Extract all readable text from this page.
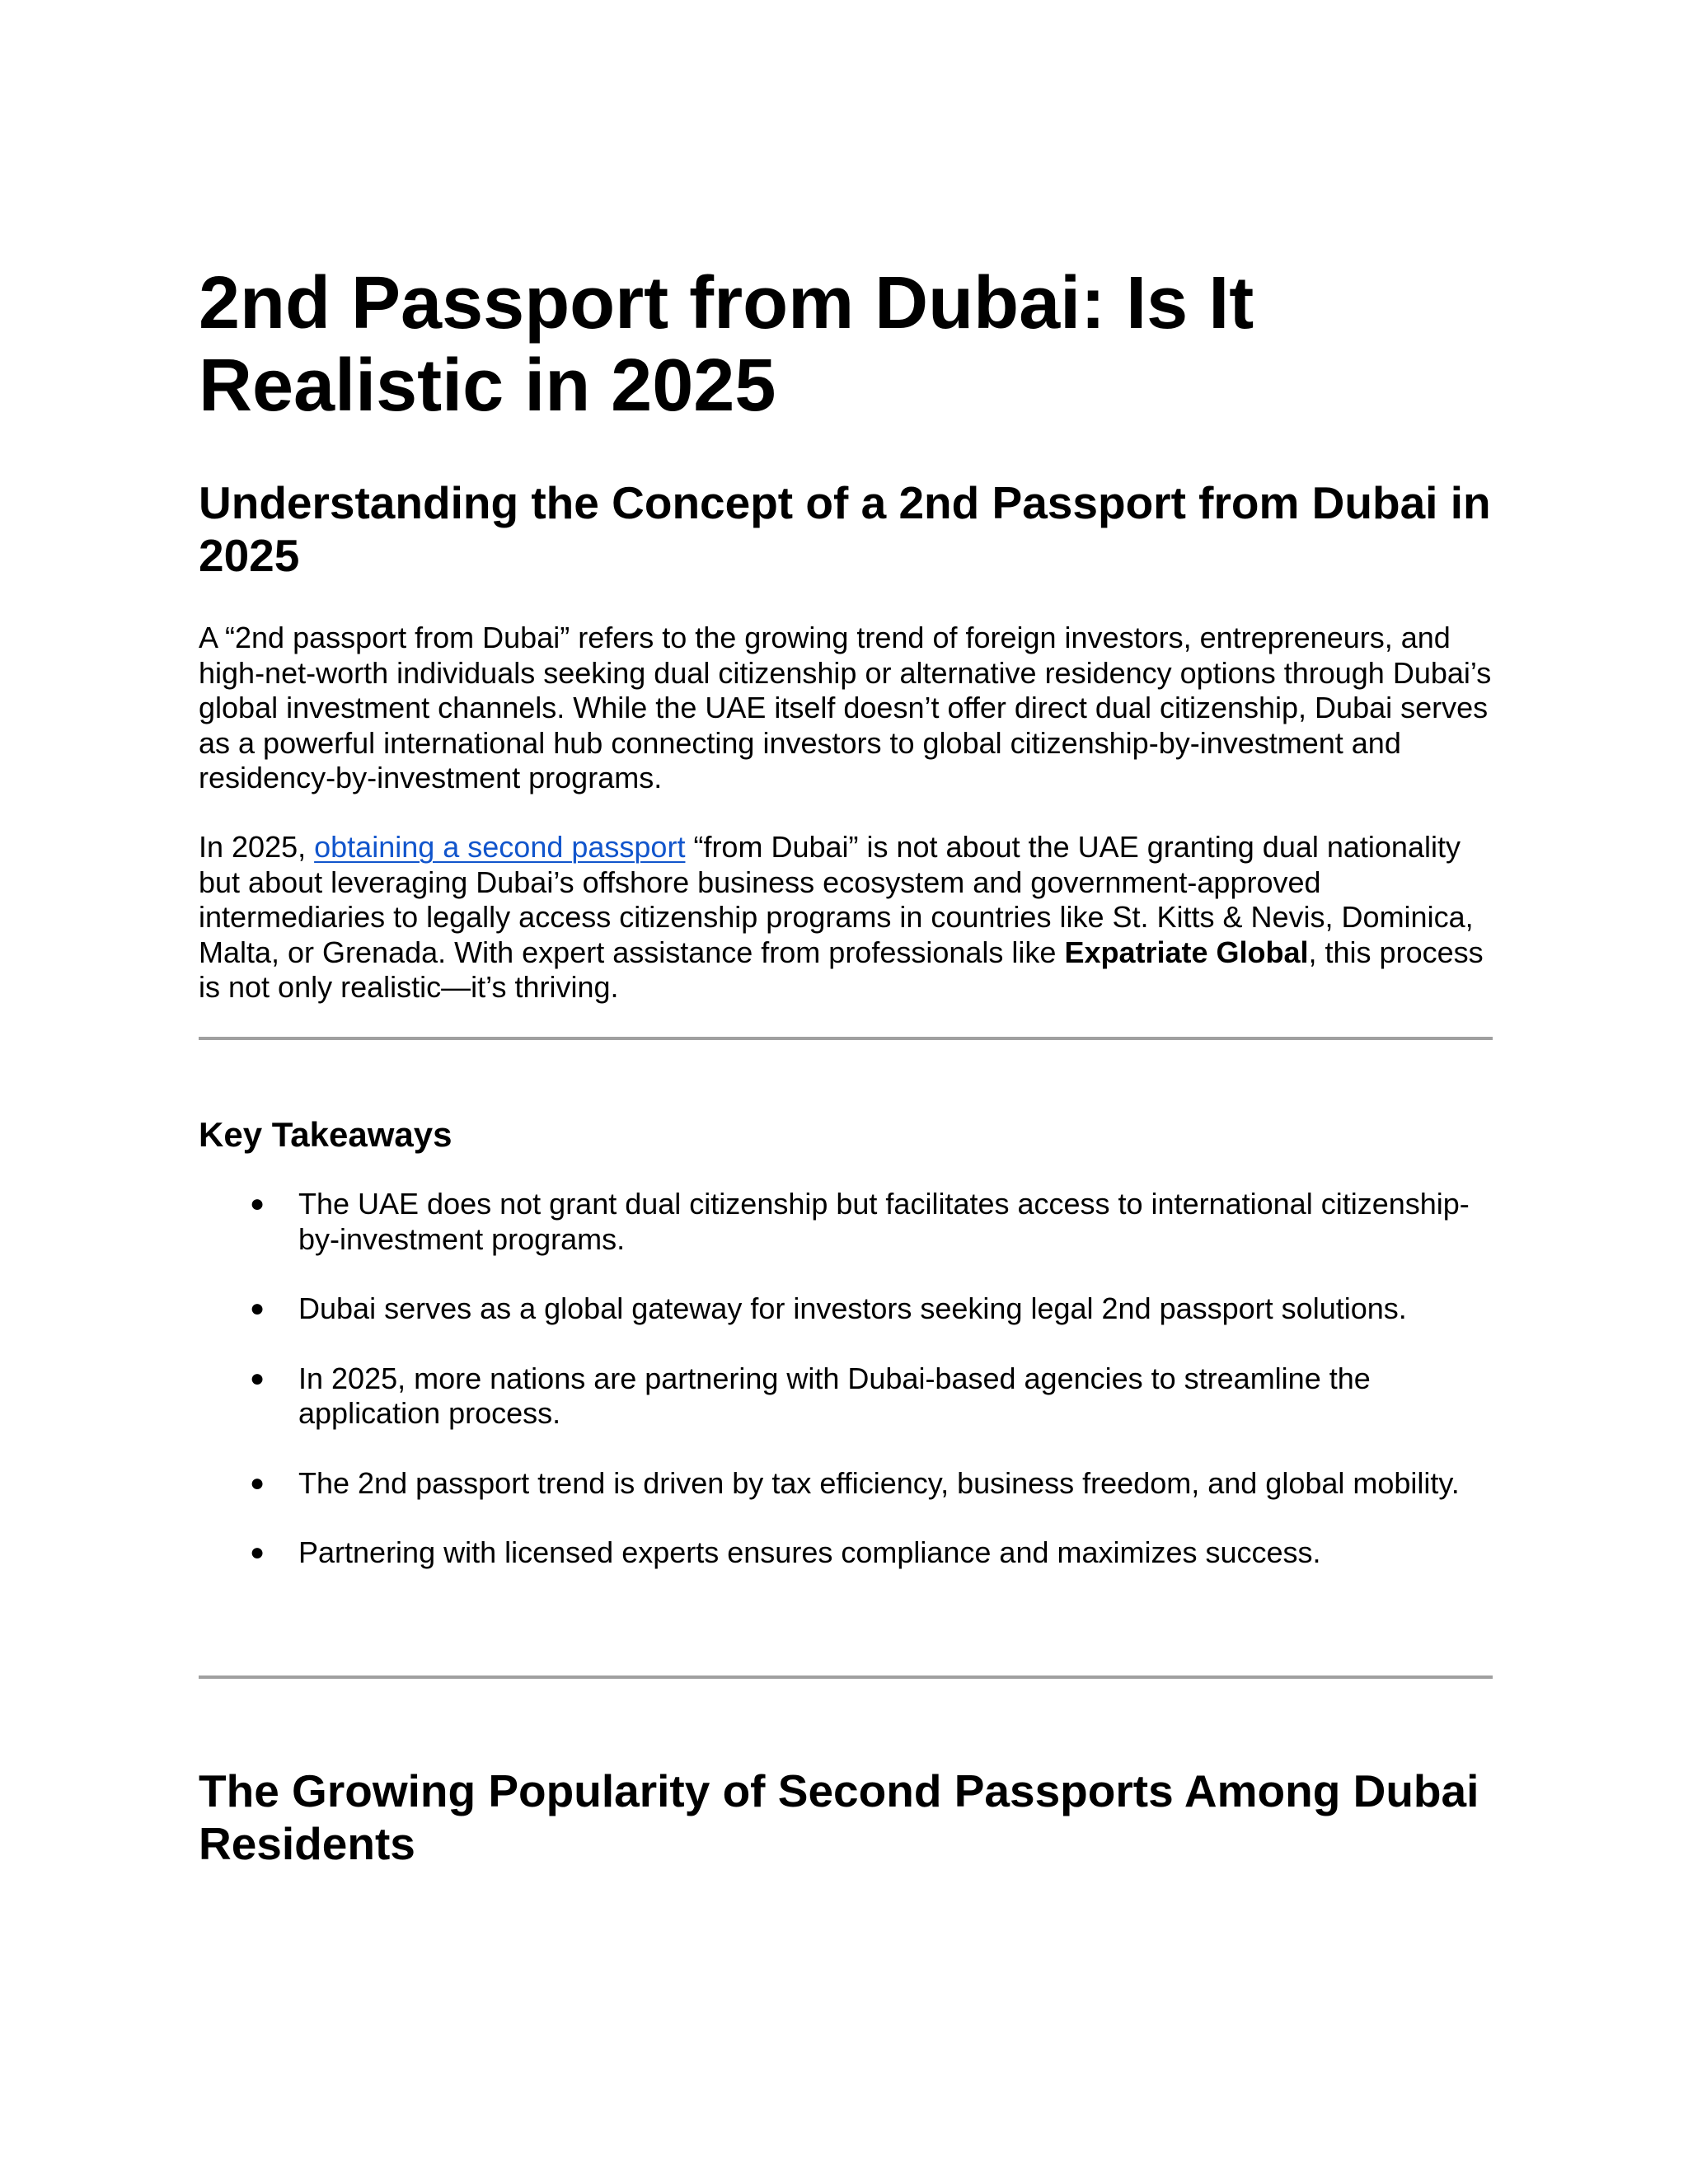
2nd Passport from Dubai: Is It Realistic in 2025
Understanding the Concept of a 2nd Passport from Dubai in 2025

A “2nd passport from Dubai” refers to the growing trend of foreign investors, entrepreneurs, and high-net-worth individuals seeking dual citizenship or alternative residency options through Dubai’s global investment channels. While the UAE itself doesn’t offer direct dual citizenship, Dubai serves as a powerful international hub connecting investors to global citizenship-by-investment and residency-by-investment programs.

In 2025, obtaining a second passport “from Dubai” is not about the UAE granting dual nationality but about leveraging Dubai’s offshore business ecosystem and government-approved intermediaries to legally access citizenship programs in countries like St. Kitts & Nevis, Dominica, Malta, or Grenada. With expert assistance from professionals like Expatriate Global, this process is not only realistic—it’s thriving.

Key Takeaways
● The UAE does not grant dual citizenship but facilitates access to international citizenship-by-investment programs.
● Dubai serves as a global gateway for investors seeking legal 2nd passport solutions.
● In 2025, more nations are partnering with Dubai-based agencies to streamline the application process.
● The 2nd passport trend is driven by tax efficiency, business freedom, and global mobility.
● Partnering with licensed experts ensures compliance and maximizes success.
The Growing Popularity of Second Passports Among Dubai Residents
